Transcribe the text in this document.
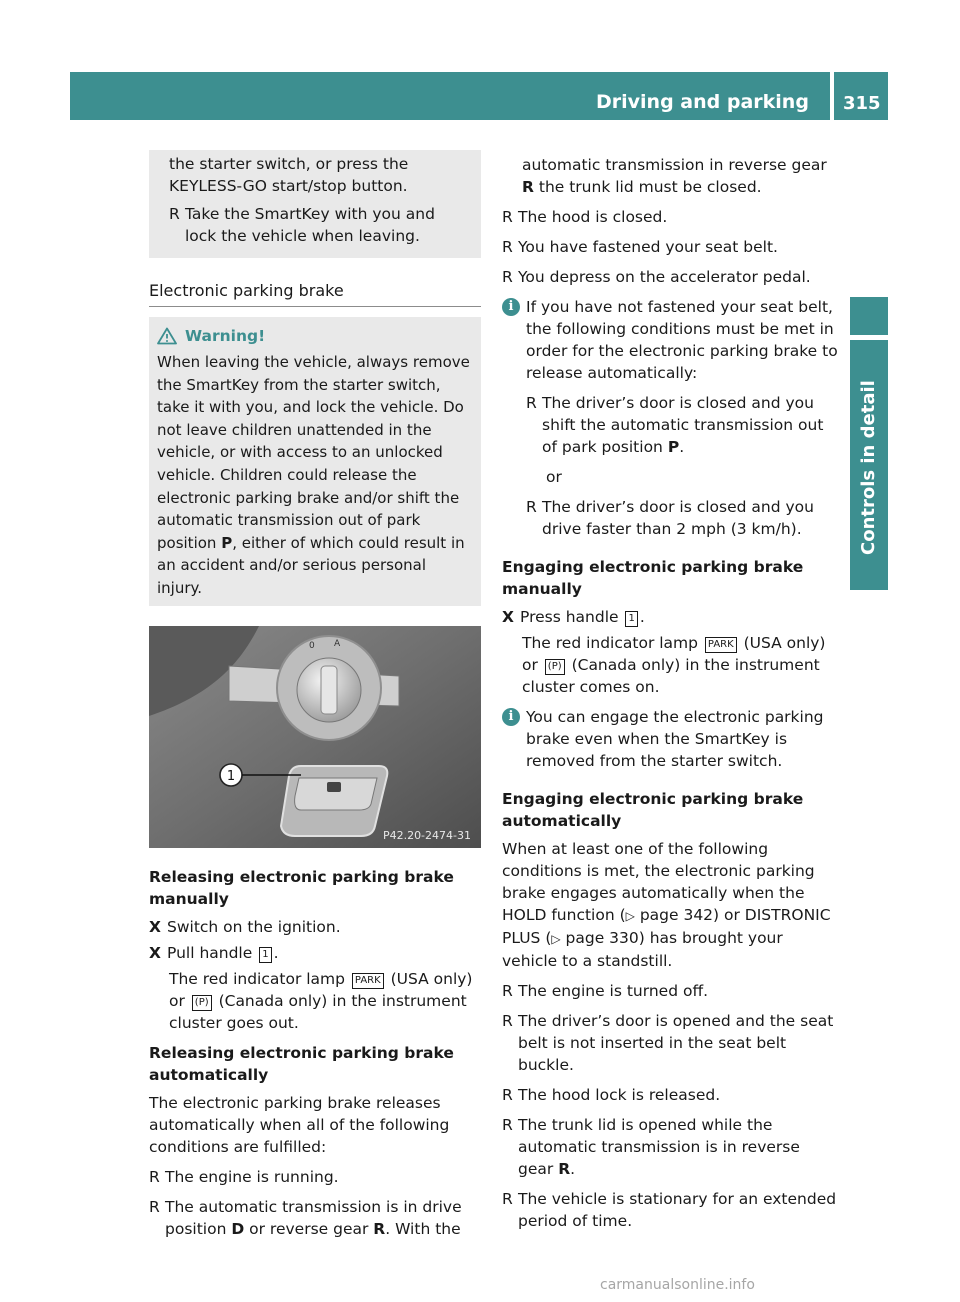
Driving and parking 315
Controls in detail

the starter switch, or press the KEYLESS-GO start/stop button.

R Take the SmartKey with you and lock the vehicle when leaving.
Electronic parking brake
Warning!

When leaving the vehicle, always remove the SmartKey from the starter switch, take it with you, and lock the vehicle. Do not leave children unattended in the vehicle, or with access to an unlocked vehicle. Children could release the electronic parking brake and/or shift the automatic transmission out of park position P, either of which could result in an accident and/or serious personal injury.

0 A
1
P42.20-2474-31
Releasing electronic parking brake manually
X Switch on the ignition.
X Pull handle 1 .

The red indicator lamp PARK (USA only) or (P) (Canada only) in the instrument cluster goes out.

Releasing electronic parking brake automatically

The electronic parking brake releases automatically when all of the following conditions are fulfilled:

R The engine is running.
R The automatic transmission is in drive position D or reverse gear R. With the

automatic transmission in reverse gear R the trunk lid must be closed.

R The hood is closed.
R You have fastened your seat belt.
R You depress on the accelerator pedal.
i If you have not fastened your seat belt, the following conditions must be met in order for the electronic parking brake to release automatically:

R The driver’s door is closed and you shift the automatic transmission out of park position P.

or

R The driver’s door is closed and you drive faster than 2 mph (3 km/h).
Engaging electronic parking brake manually
X Press handle 1 .

The red indicator lamp PARK (USA only) or (P) (Canada only) in the instrument cluster comes on.

i You can engage the electronic parking brake even when the SmartKey is removed from the starter switch.

Engaging electronic parking brake automatically

When at least one of the following conditions is met, the electronic parking brake engages automatically when the HOLD function (▷ page 342) or DISTRONIC PLUS (▷ page 330) has brought your vehicle to a standstill.

R The engine is turned off.
R The driver’s door is opened and the seat belt is not inserted in the seat belt buckle.
R The hood lock is released.
R The trunk lid is opened while the automatic transmission is in reverse gear R.
R The vehicle is stationary for an extended period of time.
carmanualsonline.info
